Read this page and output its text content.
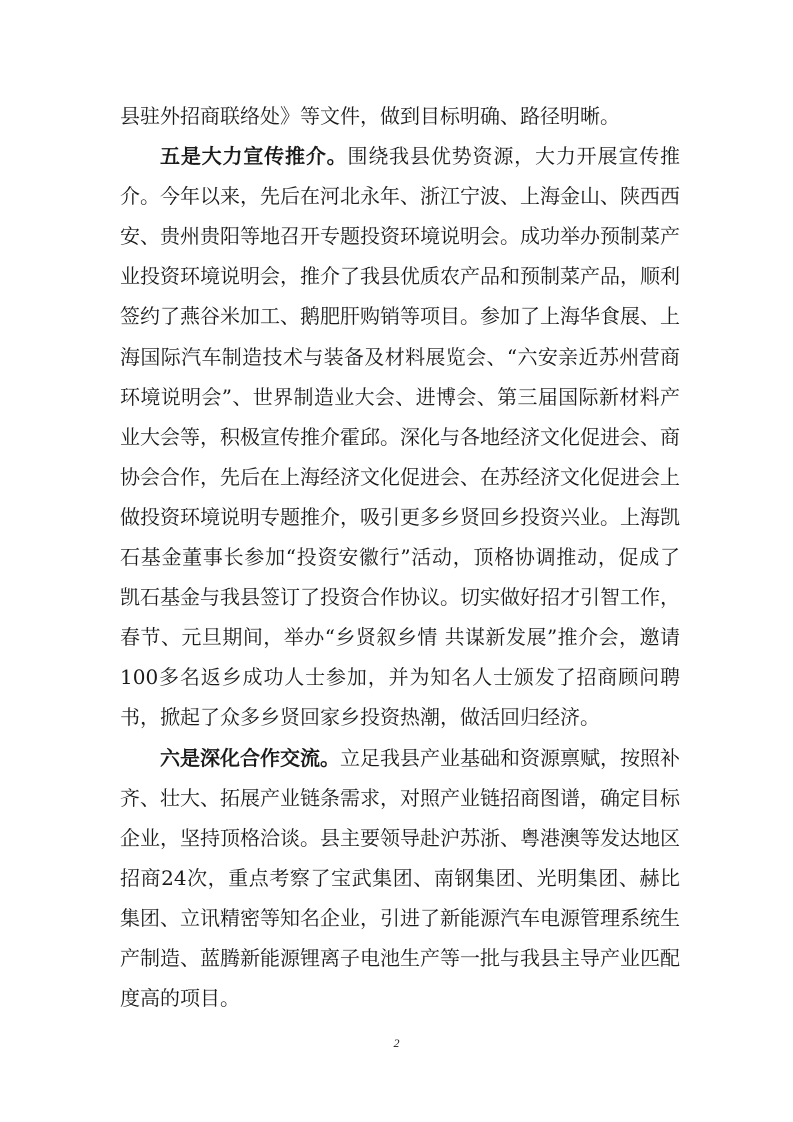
县驻外招商联络处》等文件，做到目标明确、路径明晰。

五是大力宣传推介。围绕我县优势资源，大力开展宣传推介。今年以来，先后在河北永年、浙江宁波、上海金山、陕西西安、贵州贵阳等地召开专题投资环境说明会。成功举办预制菜产业投资环境说明会，推介了我县优质农产品和预制菜产品，顺利签约了燕谷米加工、鹅肥肝购销等项目。参加了上海华食展、上海国际汽车制造技术与装备及材料展览会、“六安亲近苏州营商环境说明会”、世界制造业大会、进博会、第三届国际新材料产业大会等，积极宣传推介霍邱。深化与各地经济文化促进会、商协会合作，先后在上海经济文化促进会、在苏经济文化促进会上做投资环境说明专题推介，吸引更多乡贤回乡投资兴业。上海凯石基金董事长参加“投资安徽行”活动，顶格协调推动，促成了凯石基金与我县签订了投资合作协议。切实做好招才引智工作，春节、元旦期间，举办“乡贤叙乡情 共谋新发展”推介会，邀请100多名返乡成功人士参加，并为知名人士颁发了招商顾问聘书，掀起了众多乡贤回家乡投资热潮，做活回归经济。

六是深化合作交流。立足我县产业基础和资源禀赋，按照补齐、壮大、拓展产业链条需求，对照产业链招商图谱，确定目标企业，坚持顶格洽谈。县主要领导赴沪苏浙、粤港澳等发达地区招商24次，重点考察了宝武集团、南钢集团、光明集团、赫比集团、立讯精密等知名企业，引进了新能源汽车电源管理系统生产制造、蓝腾新能源锂离子电池生产等一批与我县主导产业匹配度高的项目。

2
